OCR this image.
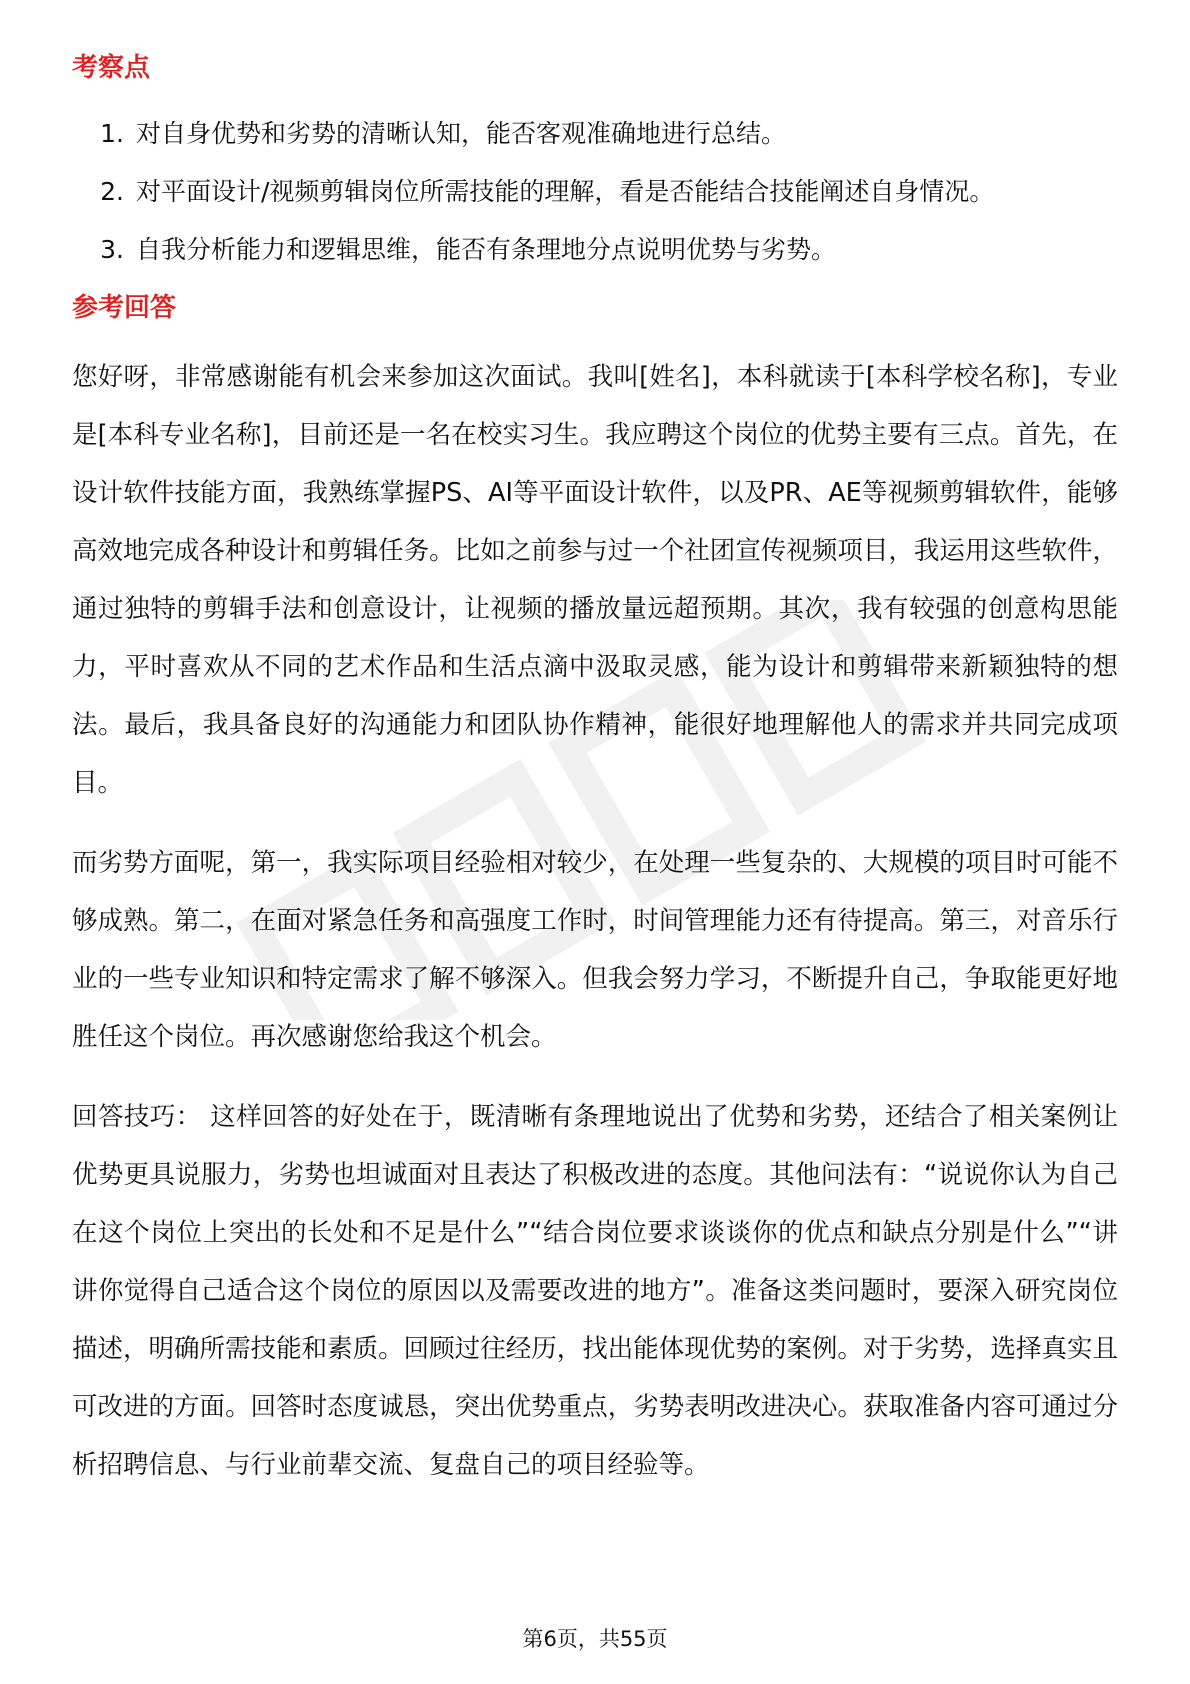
考察点
1. 对自身优势和劣势的清晰认知，能否客观准确地进行总结。
2. 对平面设计/视频剪辑岗位所需技能的理解，看是否能结合技能阐述自身情况。
3. 自我分析能力和逻辑思维，能否有条理地分点说明优势与劣势。
参考回答

您好呀，非常感谢能有机会来参加这次面试。我叫[姓名]，本科就读于[本科学校名称]，专业是[本科专业名称]，目前还是一名在校实习生。我应聘这个岗位的优势主要有三点。首先，在设计软件技能方面，我熟练掌握PS、AI等平面设计软件，以及PR、AE等视频剪辑软件，能够高效地完成各种设计和剪辑任务。比如之前参与过一个社团宣传视频项目，我运用这些软件，通过独特的剪辑手法和创意设计，让视频的播放量远超预期。其次，我有较强的创意构思能力，平时喜欢从不同的艺术作品和生活点滴中汲取灵感，能为设计和剪辑带来新颖独特的想法。最后，我具备良好的沟通能力和团队协作精神，能很好地理解他人的需求并共同完成项目。

而劣势方面呢，第一，我实际项目经验相对较少，在处理一些复杂的、大规模的项目时可能不够成熟。第二，在面对紧急任务和高强度工作时，时间管理能力还有待提高。第三，对音乐行业的一些专业知识和特定需求了解不够深入。但我会努力学习，不断提升自己，争取能更好地胜任这个岗位。再次感谢您给我这个机会。

回答技巧： 这样回答的好处在于，既清晰有条理地说出了优势和劣势，还结合了相关案例让优势更具说服力，劣势也坦诚面对且表达了积极改进的态度。其他问法有：“说说你认为自己在这个岗位上突出的长处和不足是什么”“结合岗位要求谈谈你的优点和缺点分别是什么”“讲讲你觉得自己适合这个岗位的原因以及需要改进的地方”。准备这类问题时，要深入研究岗位描述，明确所需技能和素质。回顾过往经历，找出能体现优势的案例。对于劣势，选择真实且可改进的方面。回答时态度诚恳，突出优势重点，劣势表明改进决心。获取准备内容可通过分析招聘信息、与行业前辈交流、复盘自己的项目经验等。

第6页，共55页
